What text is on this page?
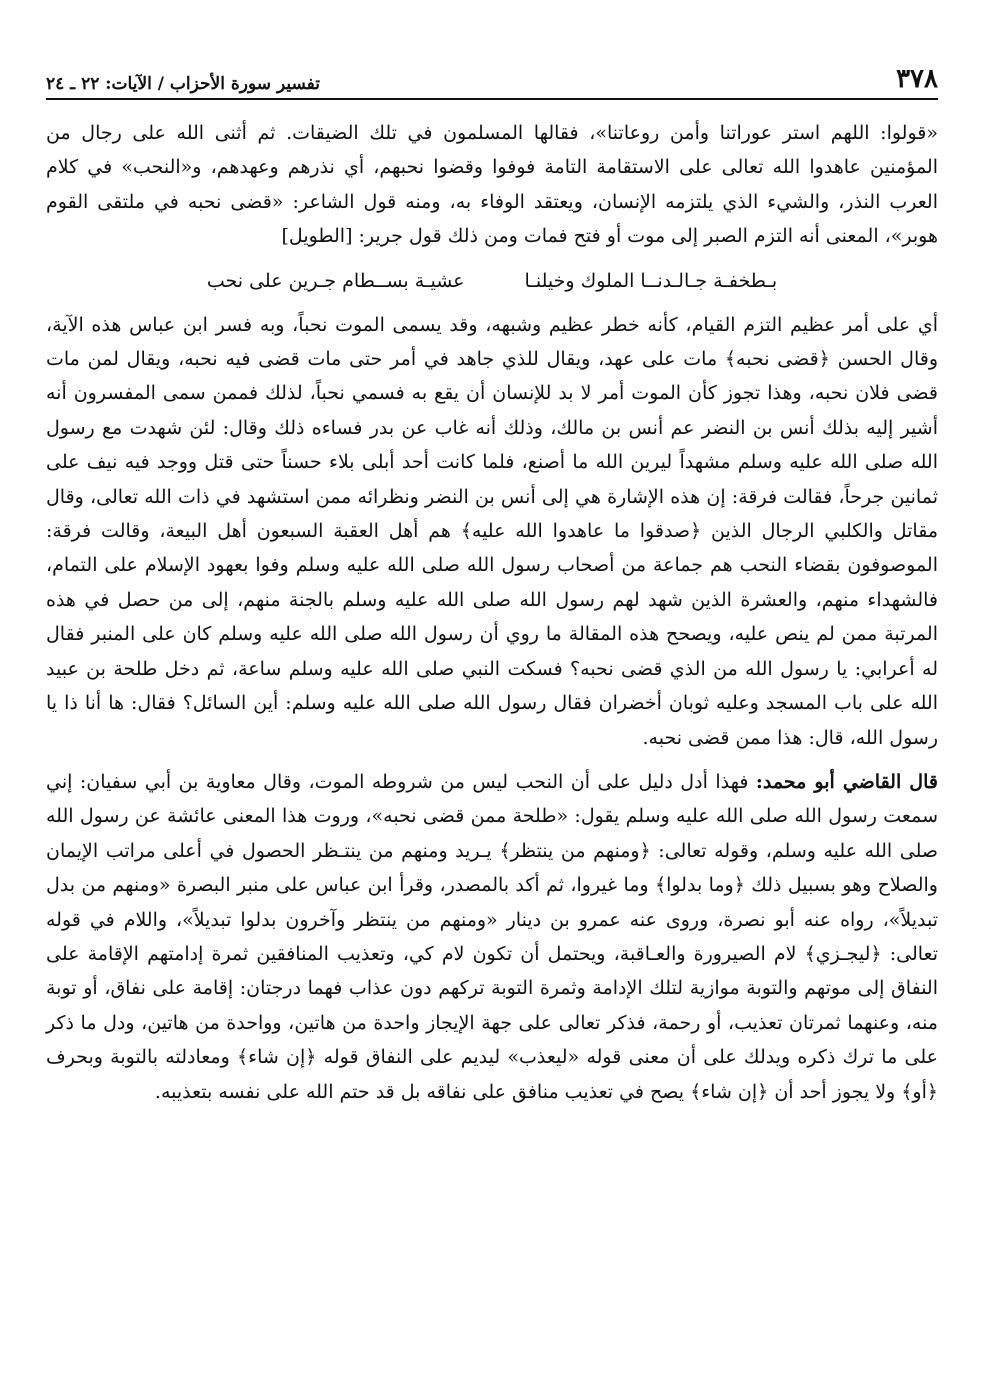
٣٧٨
تفسير سورة الأحزاب / الآيات: ٢٢ ـ ٢٤

«قولوا: اللهم استر عوراتنا وأمن روعاتنا»، فقالها المسلمون في تلك الضيقات. ثم أثنى الله على رجال من المؤمنين عاهدوا الله تعالى على الاستقامة التامة فوفوا وقضوا نحبهم، أي نذرهم وعهدهم، و«النحب» في كلام العرب النذر، والشيء الذي يلتزمه الإنسان، ويعتقد الوفاء به، ومنه قول الشاعر: «قضى نحبه في ملتقى القوم هوبر»، المعنى أنه التزم الصبر إلى موت أو فتح فمات ومن ذلك قول جرير: [الطويل]

بـطخفـة جـالـدنــا الملوك وخيلنـا
عشيـة بســطام جـرين على نحب

أي على أمر عظيم التزم القيام، كأنه خطر عظيم وشبهه، وقد يسمى الموت نحباً، وبه فسر ابن عباس هذه الآية، وقال الحسن ﴿قضى نحبه﴾ مات على عهد، ويقال للذي جاهد في أمر حتى مات قضى فيه نحبه، ويقال لمن مات قضى فلان نحبه، وهذا تجوز كأن الموت أمر لا بد للإنسان أن يقع به فسمي نحباً، لذلك فممن سمى المفسرون أنه أشير إليه بذلك أنس بن النضر عم أنس بن مالك، وذلك أنه غاب عن بدر فساءه ذلك وقال: لئن شهدت مع رسول الله صلى الله عليه وسلم مشهداً ليرين الله ما أصنع، فلما كانت أحد أبلى بلاء حسناً حتى قتل ووجد فيه نيف على ثمانين جرحاً، فقالت فرقة: إن هذه الإشارة هي إلى أنس بن النضر ونظرائه ممن استشهد في ذات الله تعالى، وقال مقاتل والكلبي الرجال الذين ﴿صدقوا ما عاهدوا الله عليه﴾ هم أهل العقبة السبعون أهل البيعة، وقالت فرقة: الموصوفون بقضاء النحب هم جماعة من أصحاب رسول الله صلى الله عليه وسلم وفوا بعهود الإسلام على التمام، فالشهداء منهم، والعشرة الذين شهد لهم رسول الله صلى الله عليه وسلم بالجنة منهم، إلى من حصل في هذه المرتبة ممن لم ينص عليه، ويصحح هذه المقالة ما روي أن رسول الله صلى الله عليه وسلم كان على المنبر فقال له أعرابي: يا رسول الله من الذي قضى نحبه؟ فسكت النبي صلى الله عليه وسلم ساعة، ثم دخل طلحة بن عبيد الله على باب المسجد وعليه ثوبان أخضران فقال رسول الله صلى الله عليه وسلم: أين السائل؟ فقال: ها أنا ذا يا رسول الله، قال: هذا ممن قضى نحبه.

قال القاضي أبو محمد: فهذا أدل دليل على أن النحب ليس من شروطه الموت، وقال معاوية بن أبي سفيان: إني سمعت رسول الله صلى الله عليه وسلم يقول: «طلحة ممن قضى نحبه»، وروت هذا المعنى عائشة عن رسول الله صلى الله عليه وسلم، وقوله تعالى: ﴿ومنهم من ينتظر﴾ يـريد ومنهم من ينتـظر الحصول في أعلى مراتب الإيمان والصلاح وهو بسبيل ذلك ﴿وما بدلوا﴾ وما غيروا، ثم أكد بالمصدر، وقرأ ابن عباس على منبر البصرة «ومنهم من بدل تبديلاً»، رواه عنه أبو نصرة، وروى عنه عمرو بن دينار «ومنهم من ينتظر وآخرون بدلوا تبديلاً»، واللام في قوله تعالى: ﴿ليجـزي﴾ لام الصيرورة والعـاقبة، ويحتمل أن تكون لام كي، وتعذيب المنافقين ثمرة إدامتهم الإقامة على النفاق إلى موتهم والتوبة موازية لتلك الإدامة وثمرة التوبة تركهم دون عذاب فهما درجتان: إقامة على نفاق، أو توبة منه، وعنهما ثمرتان تعذيب، أو رحمة، فذكر تعالى على جهة الإيجاز واحدة من هاتين، وواحدة من هاتين، ودل ما ذكر على ما ترك ذكره ويدلك على أن معنى قوله «ليعذب» ليديم على النفاق قوله ﴿إن شاء﴾ ومعادلته بالتوبة وبحرف ﴿أو﴾ ولا يجوز أحد أن ﴿إن شاء﴾ يصح في تعذيب منافق على نفاقه بل قد حتم الله على نفسه بتعذيبه.
